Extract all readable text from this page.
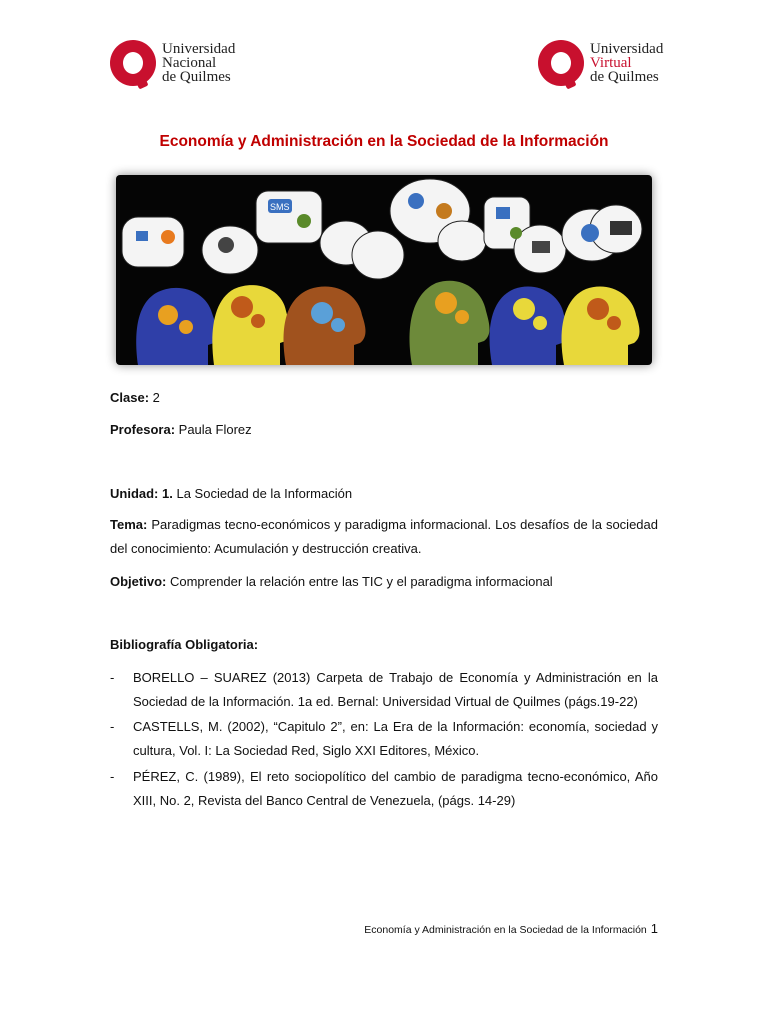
Universidad
Nacional
de Quilmes
Universidad
Virtual
de Quilmes
Economía y Administración en la Sociedad de la Información
SMS
Clase: 2
Profesora: Paula Florez
Unidad: 1. La Sociedad de la Información
Tema: Paradigmas tecno-económicos y paradigma informacional. Los desafíos de la sociedad del conocimiento: Acumulación y destrucción creativa.
Objetivo: Comprender la relación entre las TIC y el paradigma informacional
Bibliografía Obligatoria:
-	BORELLO – SUAREZ (2013) Carpeta de Trabajo de Economía y Administración en la Sociedad de la Información. 1a ed. Bernal: Universidad Virtual de Quilmes (págs.19-22)
-	CASTELLS, M. (2002), “Capitulo 2”, en: La Era de la Información: economía, sociedad y cultura, Vol. I: La Sociedad Red, Siglo XXI Editores, México.
-	PÉREZ, C. (1989), El reto sociopolítico del cambio de paradigma tecno-económico, Año XIII, No. 2, Revista del Banco Central de Venezuela, (págs. 14-29)
Economía y Administración en la Sociedad de la Información 1
